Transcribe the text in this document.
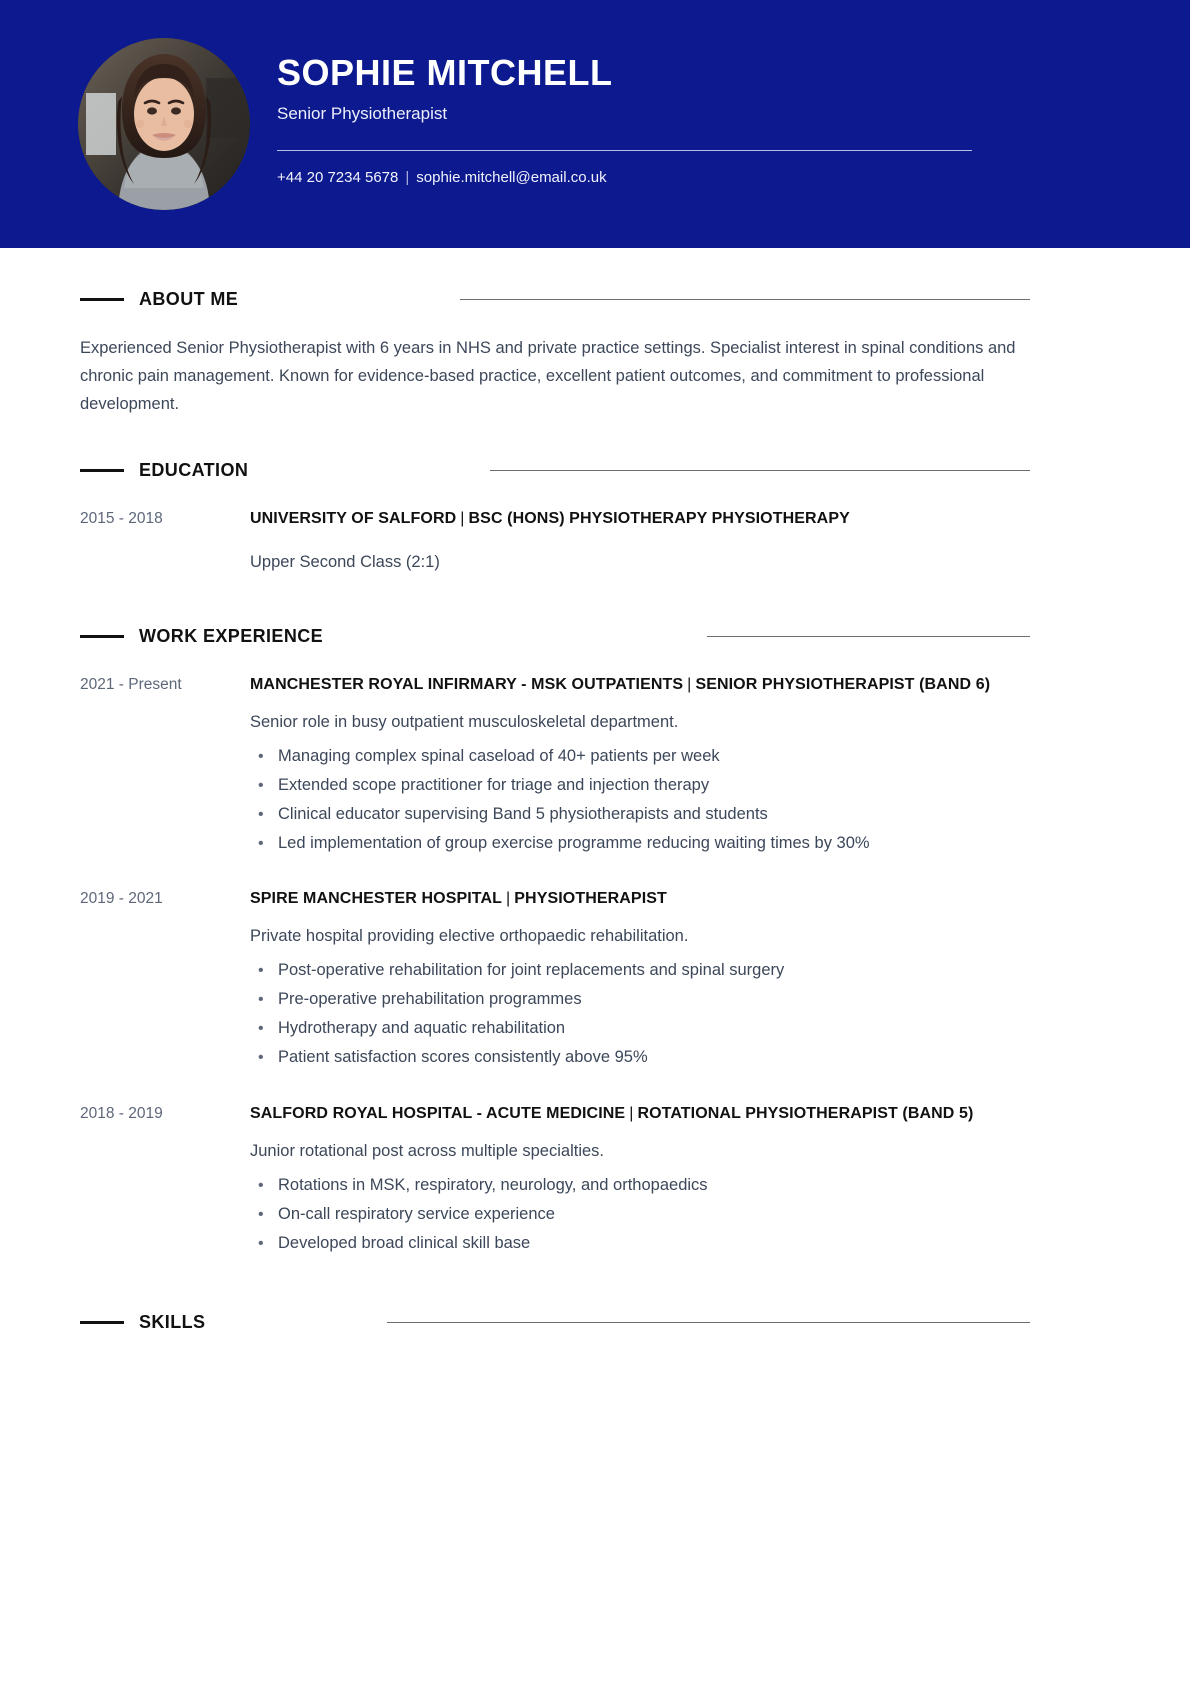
SOPHIE MITCHELL
Senior Physiotherapist
+44 20 7234 5678 | sophie.mitchell@email.co.uk
ABOUT ME
Experienced Senior Physiotherapist with 6 years in NHS and private practice settings. Specialist interest in spinal conditions and chronic pain management. Known for evidence-based practice, excellent patient outcomes, and commitment to professional development.
EDUCATION
2015 - 2018	UNIVERSITY OF SALFORD | BSC (HONS) PHYSIOTHERAPY PHYSIOTHERAPY
Upper Second Class (2:1)
WORK EXPERIENCE
2021 - Present	MANCHESTER ROYAL INFIRMARY - MSK OUTPATIENTS | SENIOR PHYSIOTHERAPIST (BAND 6)
Senior role in busy outpatient musculoskeletal department.
• Managing complex spinal caseload of 40+ patients per week
• Extended scope practitioner for triage and injection therapy
• Clinical educator supervising Band 5 physiotherapists and students
• Led implementation of group exercise programme reducing waiting times by 30%
2019 - 2021	SPIRE MANCHESTER HOSPITAL | PHYSIOTHERAPIST
Private hospital providing elective orthopaedic rehabilitation.
• Post-operative rehabilitation for joint replacements and spinal surgery
• Pre-operative prehabilitation programmes
• Hydrotherapy and aquatic rehabilitation
• Patient satisfaction scores consistently above 95%
2018 - 2019	SALFORD ROYAL HOSPITAL - ACUTE MEDICINE | ROTATIONAL PHYSIOTHERAPIST (BAND 5)
Junior rotational post across multiple specialties.
• Rotations in MSK, respiratory, neurology, and orthopaedics
• On-call respiratory service experience
• Developed broad clinical skill base
SKILLS
